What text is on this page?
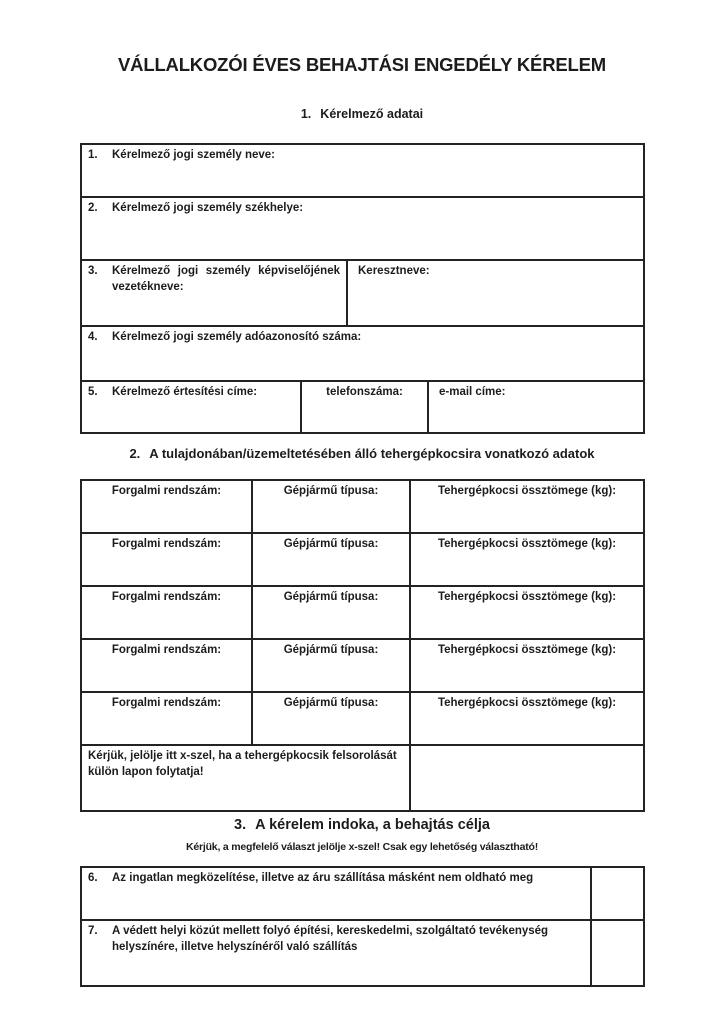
VÁLLALKOZÓI ÉVES BEHAJTÁSI ENGEDÉLY KÉRELEM
1. Kérelmező adatai
1.	Kérelmező jogi személy neve:
2.	Kérelmező jogi személy székhelye:
3.	Kérelmező jogi személy képviselőjének vezetékneve:
Keresztneve:
4.	Kérelmező jogi személy adóazonosító száma:
5.	Kérelmező értesítési címe:	telefonszáma:	e-mail címe:
2. A tulajdonában/üzemeltetésében álló tehergépkocsira vonatkozó adatok
Forgalmi rendszám:	Gépjármű típusa:	Tehergépkocsi össztömege (kg):
Forgalmi rendszám:	Gépjármű típusa:	Tehergépkocsi össztömege (kg):
Forgalmi rendszám:	Gépjármű típusa:	Tehergépkocsi össztömege (kg):
Forgalmi rendszám:	Gépjármű típusa:	Tehergépkocsi össztömege (kg):
Forgalmi rendszám:	Gépjármű típusa:	Tehergépkocsi össztömege (kg):
Kérjük, jelölje itt x-szel, ha a tehergépkocsik felsorolását külön lapon folytatja!
3. A kérelem indoka, a behajtás célja
Kérjük, a megfelelő választ jelölje x-szel! Csak egy lehetőség választható!
6.	Az ingatlan megközelítése, illetve az áru szállítása másként nem oldható meg
7.	A védett helyi közút mellett folyó építési, kereskedelmi, szolgáltató tevékenység helyszínére, illetve helyszínéről való szállítás
